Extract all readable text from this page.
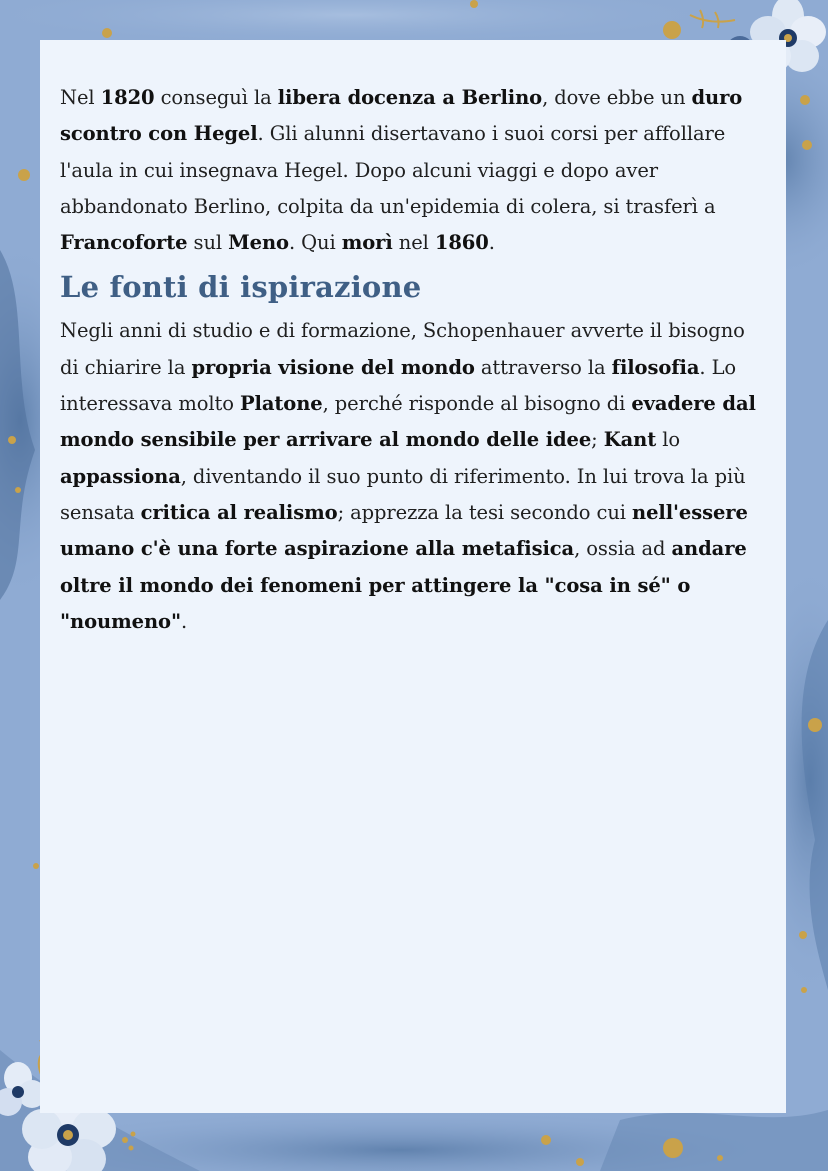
Nel 1820 conseguì la libera docenza a Berlino, dove ebbe un duro scontro con Hegel. Gli alunni disertavano i suoi corsi per affollare l'aula in cui insegnava Hegel. Dopo alcuni viaggi e dopo aver abbandonato Berlino, colpita da un'epidemia di colera, si trasferì a Francoforte sul Meno. Qui morì nel 1860.

Le fonti di ispirazione

Negli anni di studio e di formazione, Schopenhauer avverte il bisogno di chiarire la propria visione del mondo attraverso la filosofia. Lo interessava molto Platone, perché risponde al bisogno di evadere dal mondo sensibile per arrivare al mondo delle idee; Kant lo appassiona, diventando il suo punto di riferimento. In lui trova la più sensata critica al realismo; apprezza la tesi secondo cui nell'essere umano c'è una forte aspirazione alla metafisica, ossia ad andare oltre il mondo dei fenomeni per attingere la "cosa in sé" o "noumeno".
